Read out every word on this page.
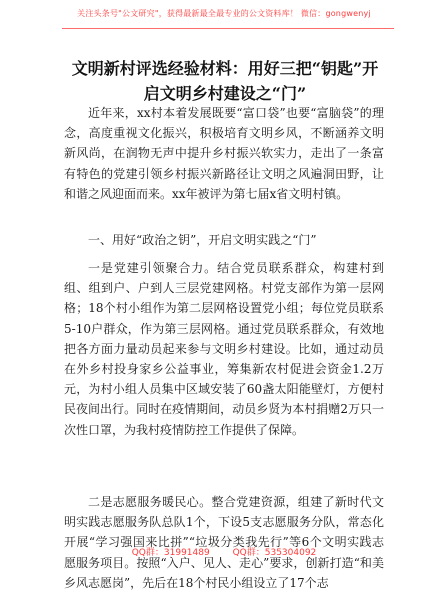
关注头条号"公文研究"，获得最新最全最专业的公文资料库！ 微信：gongwenyj
文明新村评选经验材料：用好三把“钥匙”开启文明乡村建设之“门”

近年来，xx村本着发展既要“富口袋”也要“富脑袋”的理念，高度重视文化振兴，积极培育文明乡风，不断涵养文明新风尚，在润物无声中提升乡村振兴软实力，走出了一条富有特色的党建引领乡村振兴新路径让文明之风遍洞田野，让和谐之风迎面而来。xx年被评为第七届x省文明村镇。

一、用好“政治之钥”，开启文明实践之“门”

一是党建引领聚合力。结合党员联系群众，构建村到组、组到户、户到人三层党建网格。村党支部作为第一层网格；18个村小组作为第二层网格设置党小组；每位党员联系5-10户群众，作为第三层网格。通过党员联系群众，有效地把各方面力量动员起来参与文明乡村建设。比如，通过动员在外乡村投身家乡公益事业，筹集新农村促进会资金1.2万元，为村小组人员集中区域安装了60盏太阳能壁灯，方便村民夜间出行。同时在疫情期间，动员乡贤为本村捐赠2万只一次性口罩，为我村疫情防控工作提供了保障。

二是志愿服务暖民心。整合党建资源，组建了新时代文明实践志愿服务队总队1个，下设5支志愿服务分队，常态化开展“学习强国来比拼”“垃圾分类我先行”等6个文明实践志愿服务项目。按照“入户、见人、走心”要求，创新打造“和美乡风志愿岗”，先后在18个村民小组设立了17个志

QQ群：31991489	QQ群：535304092
